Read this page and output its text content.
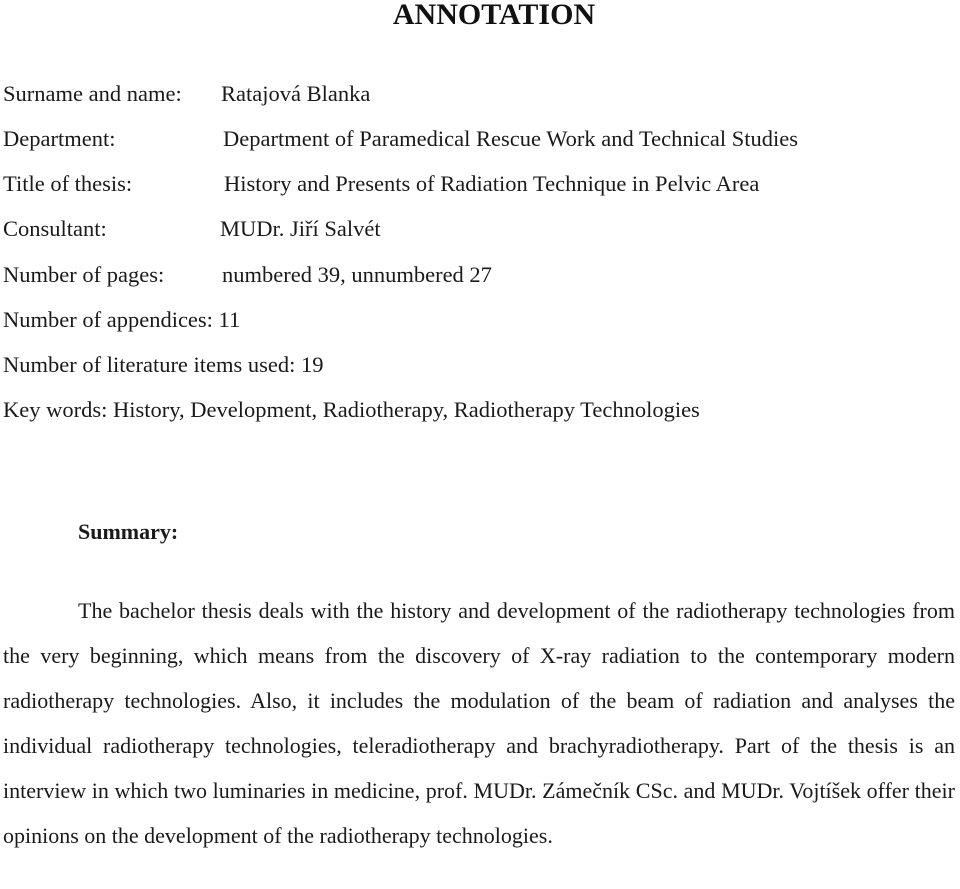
ANNOTATION
Surname and name: Ratajová Blanka
Department:	Department of Paramedical Rescue Work and Technical Studies
Title of thesis:	History and Presents of Radiation Technique in Pelvic Area
Consultant:	MUDr. Jiří Salvét
Number of pages:	numbered 39, unnumbered 27
Number of appendices: 11
Number of literature items used: 19
Key words: History, Development, Radiotherapy, Radiotherapy Technologies
Summary:
The bachelor thesis deals with the history and development of the radiotherapy technologies from the very beginning, which means from the discovery of X-ray radiation to the contemporary modern radiotherapy technologies. Also, it includes the modulation of the beam of radiation and analyses the individual radiotherapy technologies, teleradiotherapy and brachyradiotherapy. Part of the thesis is an interview in which two luminaries in medicine, prof. MUDr. Zámečník CSc. and MUDr. Vojtíšek offer their opinions on the development of the radiotherapy technologies.
